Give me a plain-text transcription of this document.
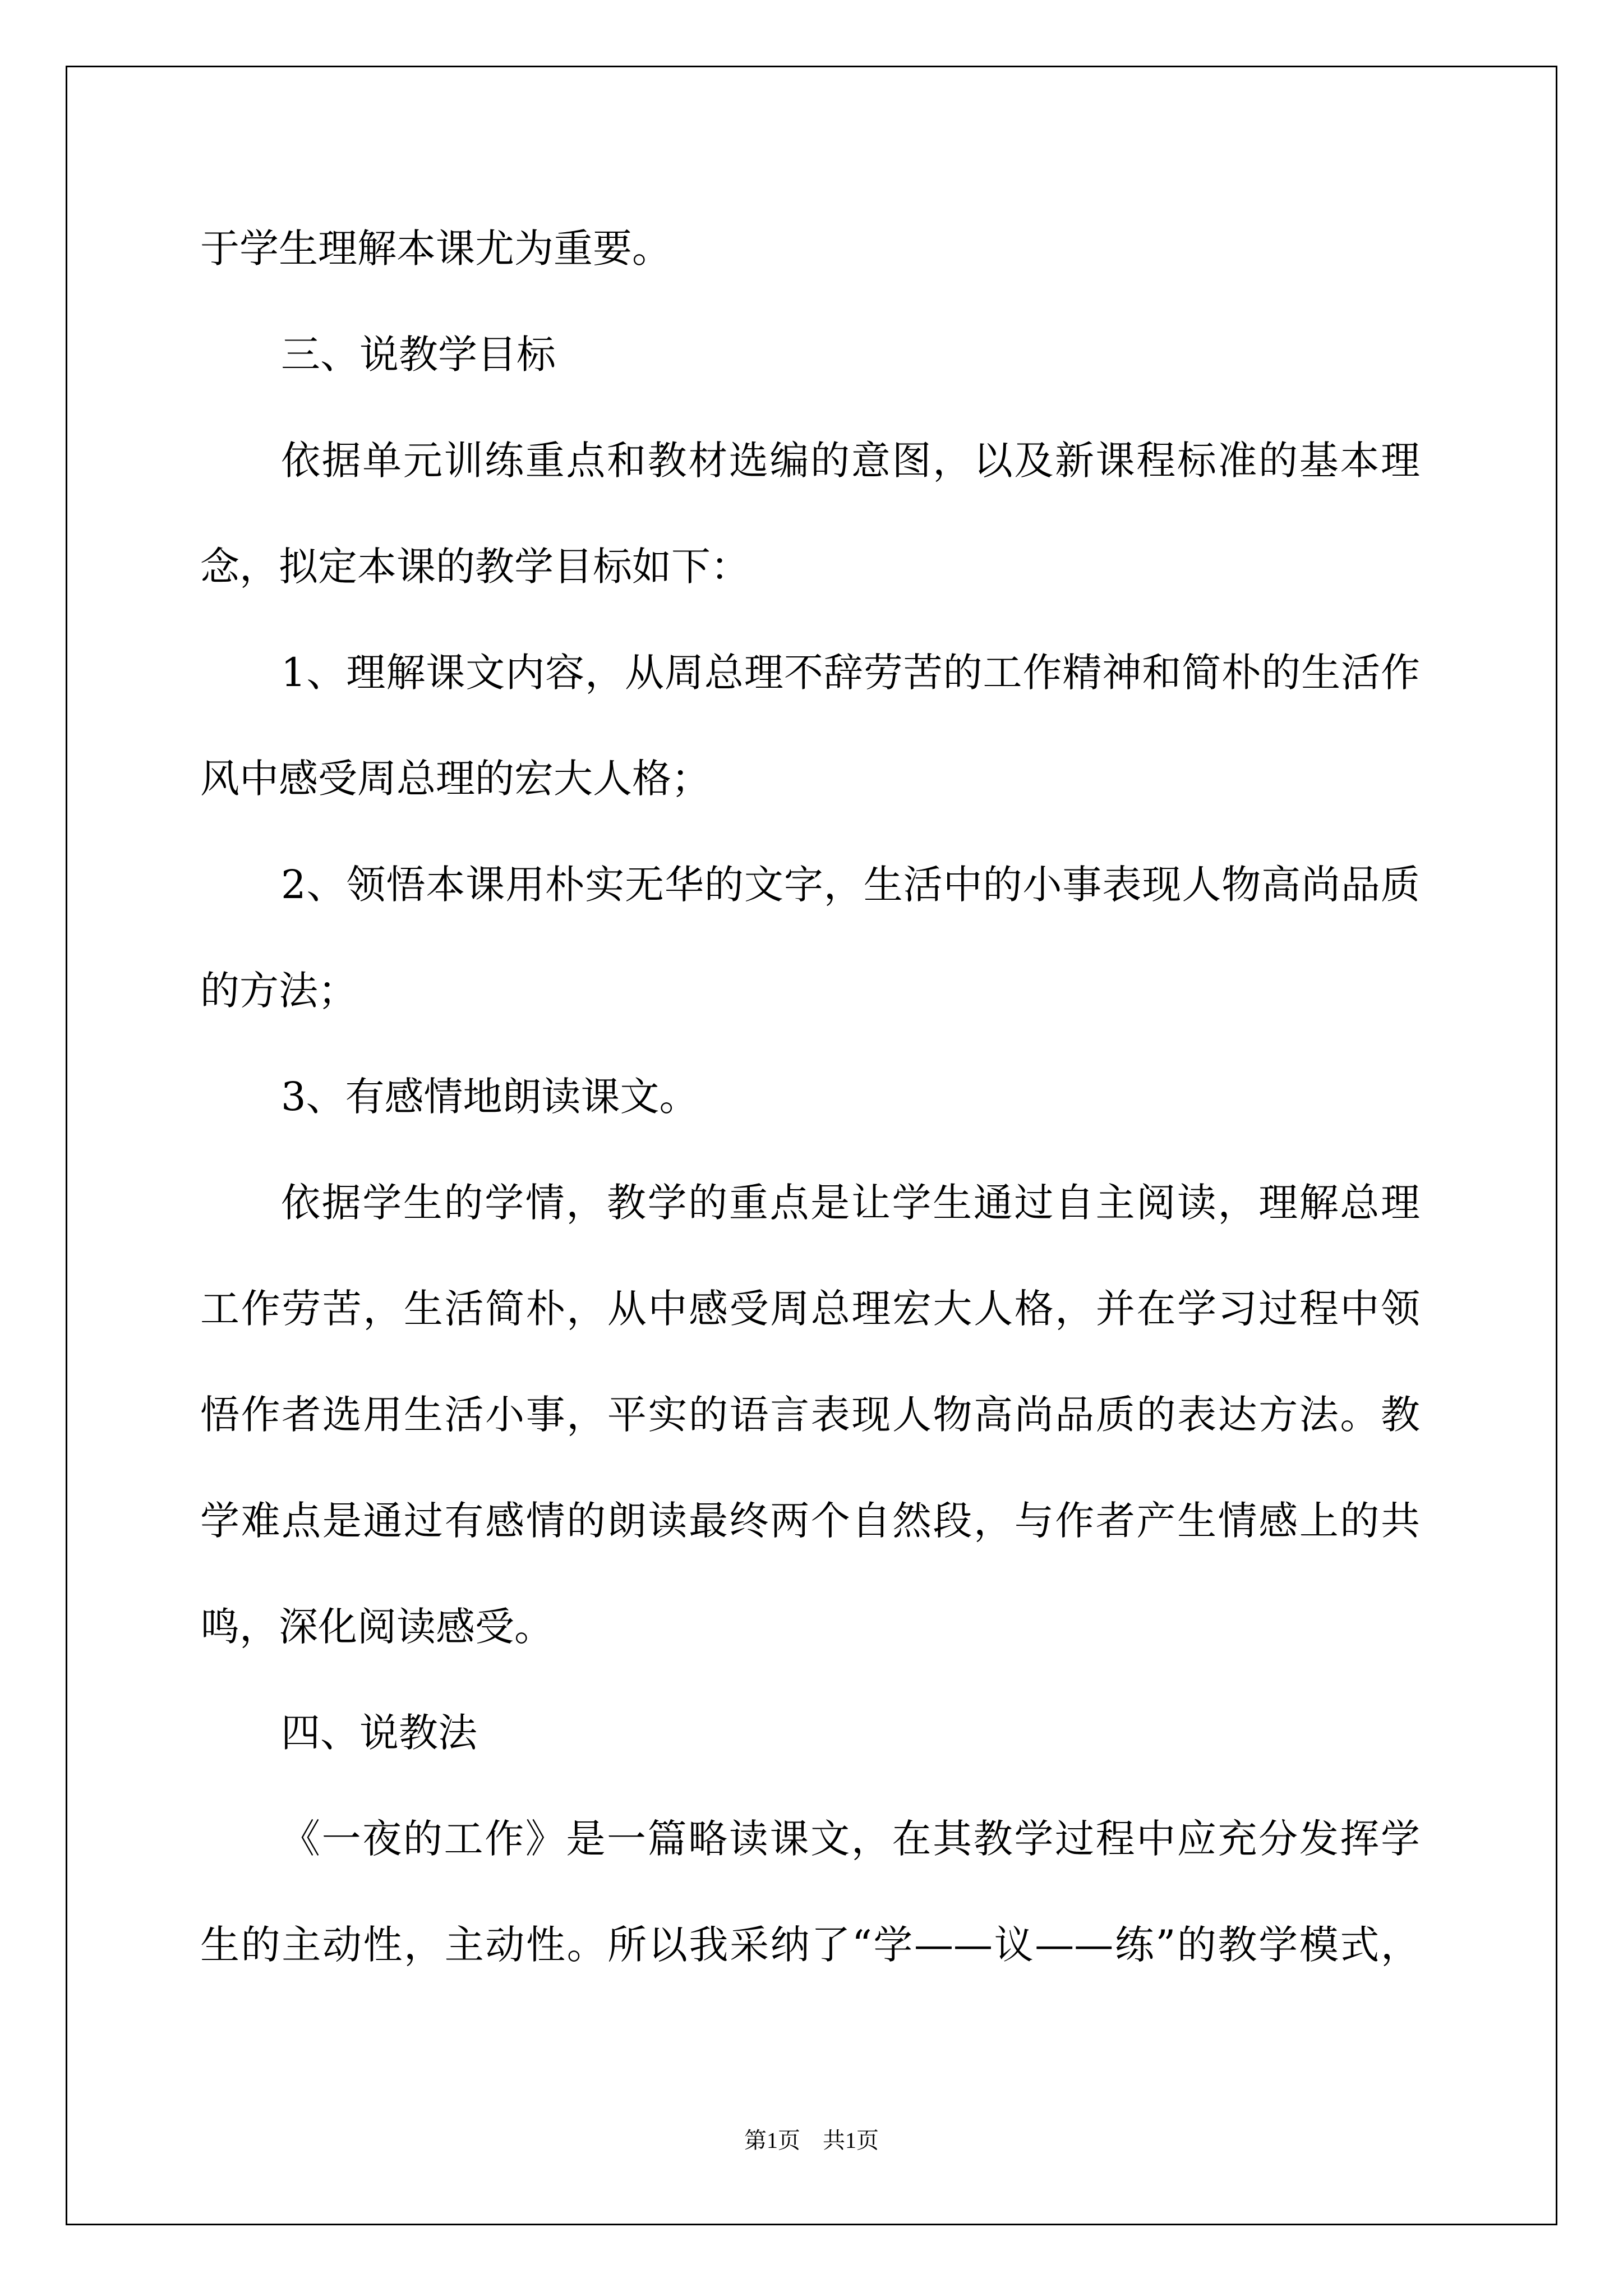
于学生理解本课尤为重要。
三、说教学目标
依据单元训练重点和教材选编的意图，以及新课程标准的基本理
念，拟定本课的教学目标如下：
1、理解课文内容，从周总理不辞劳苦的工作精神和简朴的生活作
风中感受周总理的宏大人格；
2、领悟本课用朴实无华的文字，生活中的小事表现人物高尚品质
的方法；
3、有感情地朗读课文。
依据学生的学情，教学的重点是让学生通过自主阅读，理解总理
工作劳苦，生活简朴，从中感受周总理宏大人格，并在学习过程中领
悟作者选用生活小事，平实的语言表现人物高尚品质的表达方法。教
学难点是通过有感情的朗读最终两个自然段，与作者产生情感上的共
鸣，深化阅读感受。
四、说教法
《一夜的工作》是一篇略读课文，在其教学过程中应充分发挥学
生的主动性，主动性。所以我采纳了“学——议——练”的教学模式，
第1页 共1页
